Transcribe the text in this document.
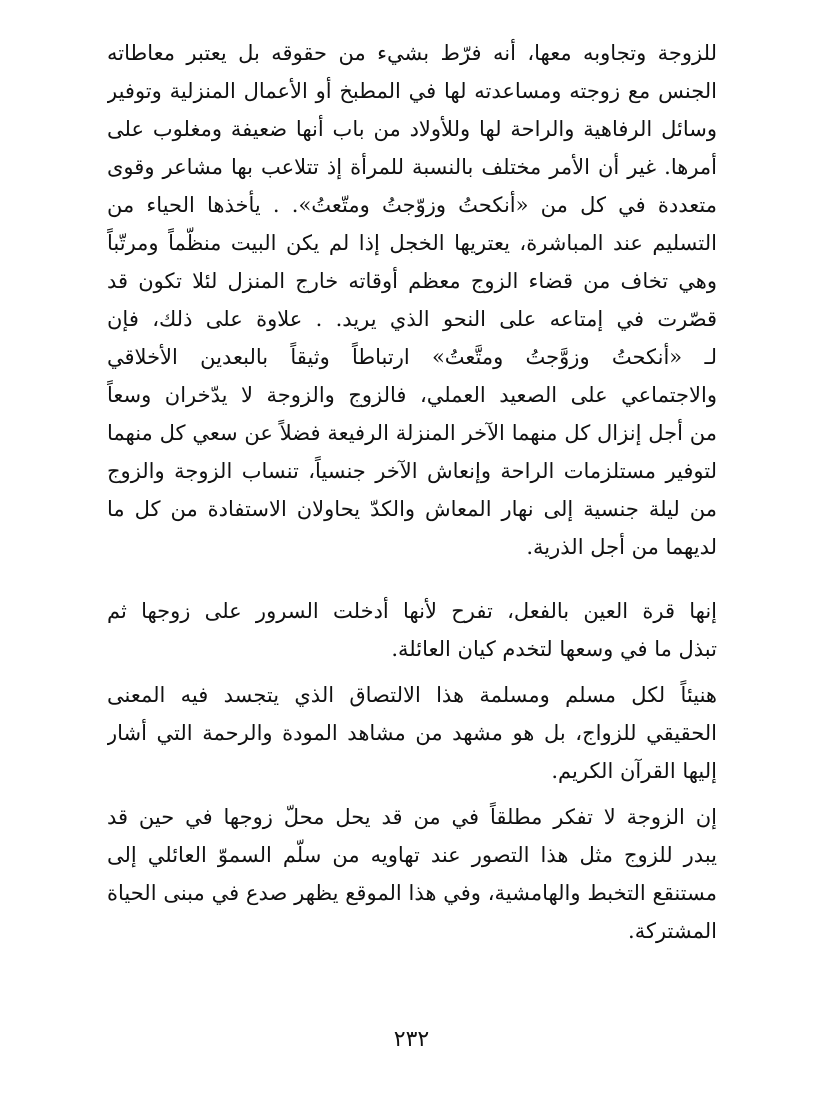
للزوجة وتجاوبه معها، أنه فرّط بشيء من حقوقه بل يعتبر معاطاته
الجنس مع زوجته ومساعدته لها في المطبخ أو الأعمال المنزلية وتوفير
وسائل الرفاهية والراحة لها وللأولاد من باب أنها ضعيفة ومغلوب على
أمرها. غير أن الأمر مختلف بالنسبة للمرأة إذ تتلاعب بها مشاعر وقوى
متعددة في كل من «أنكحتُ وزوّجتُ ومتّعتُ». . يأخذها الحياء من
التسليم عند المباشرة، يعتريها الخجل إذا لم يكن البيت منظّماً ومرتّباً
وهي تخاف من قضاء الزوج معظم أوقاته خارج المنزل لئلا تكون قد
قصّرت في إمتاعه على النحو الذي يريد. . علاوة على ذلك، فإن
لـ «أنكحتُ وزوَّجتُ ومتَّعتُ» ارتباطاً وثيقاً بالبعدين الأخلاقي
والاجتماعي على الصعيد العملي، فالزوج والزوجة لا يدّخران وسعاً
من أجل إنزال كل منهما الآخر المنزلة الرفيعة فضلاً عن سعي كل منهما
لتوفير مستلزمات الراحة وإنعاش الآخر جنسياً، تنساب الزوجة والزوج
من ليلة جنسية إلى نهار المعاش والكدّ يحاولان الاستفادة من كل ما
لديهما من أجل الذرية.
إنها قرة العين بالفعل، تفرح لأنها أدخلت السرور على زوجها ثم
تبذل ما في وسعها لتخدم كيان العائلة.
هنيئاً لكل مسلم ومسلمة هذا الالتصاق الذي يتجسد فيه المعنى
الحقيقي للزواج، بل هو مشهد من مشاهد المودة والرحمة التي أشار
إليها القرآن الكريم.
إن الزوجة لا تفكر مطلقاً في من قد يحل محلّ زوجها في حين قد
يبدر للزوج مثل هذا التصور عند تهاويه من سلّم السموّ العائلي إلى
مستنقع التخبط والهامشية، وفي هذا الموقع يظهر صدع في مبنى الحياة
المشتركة.
٢٣٢
